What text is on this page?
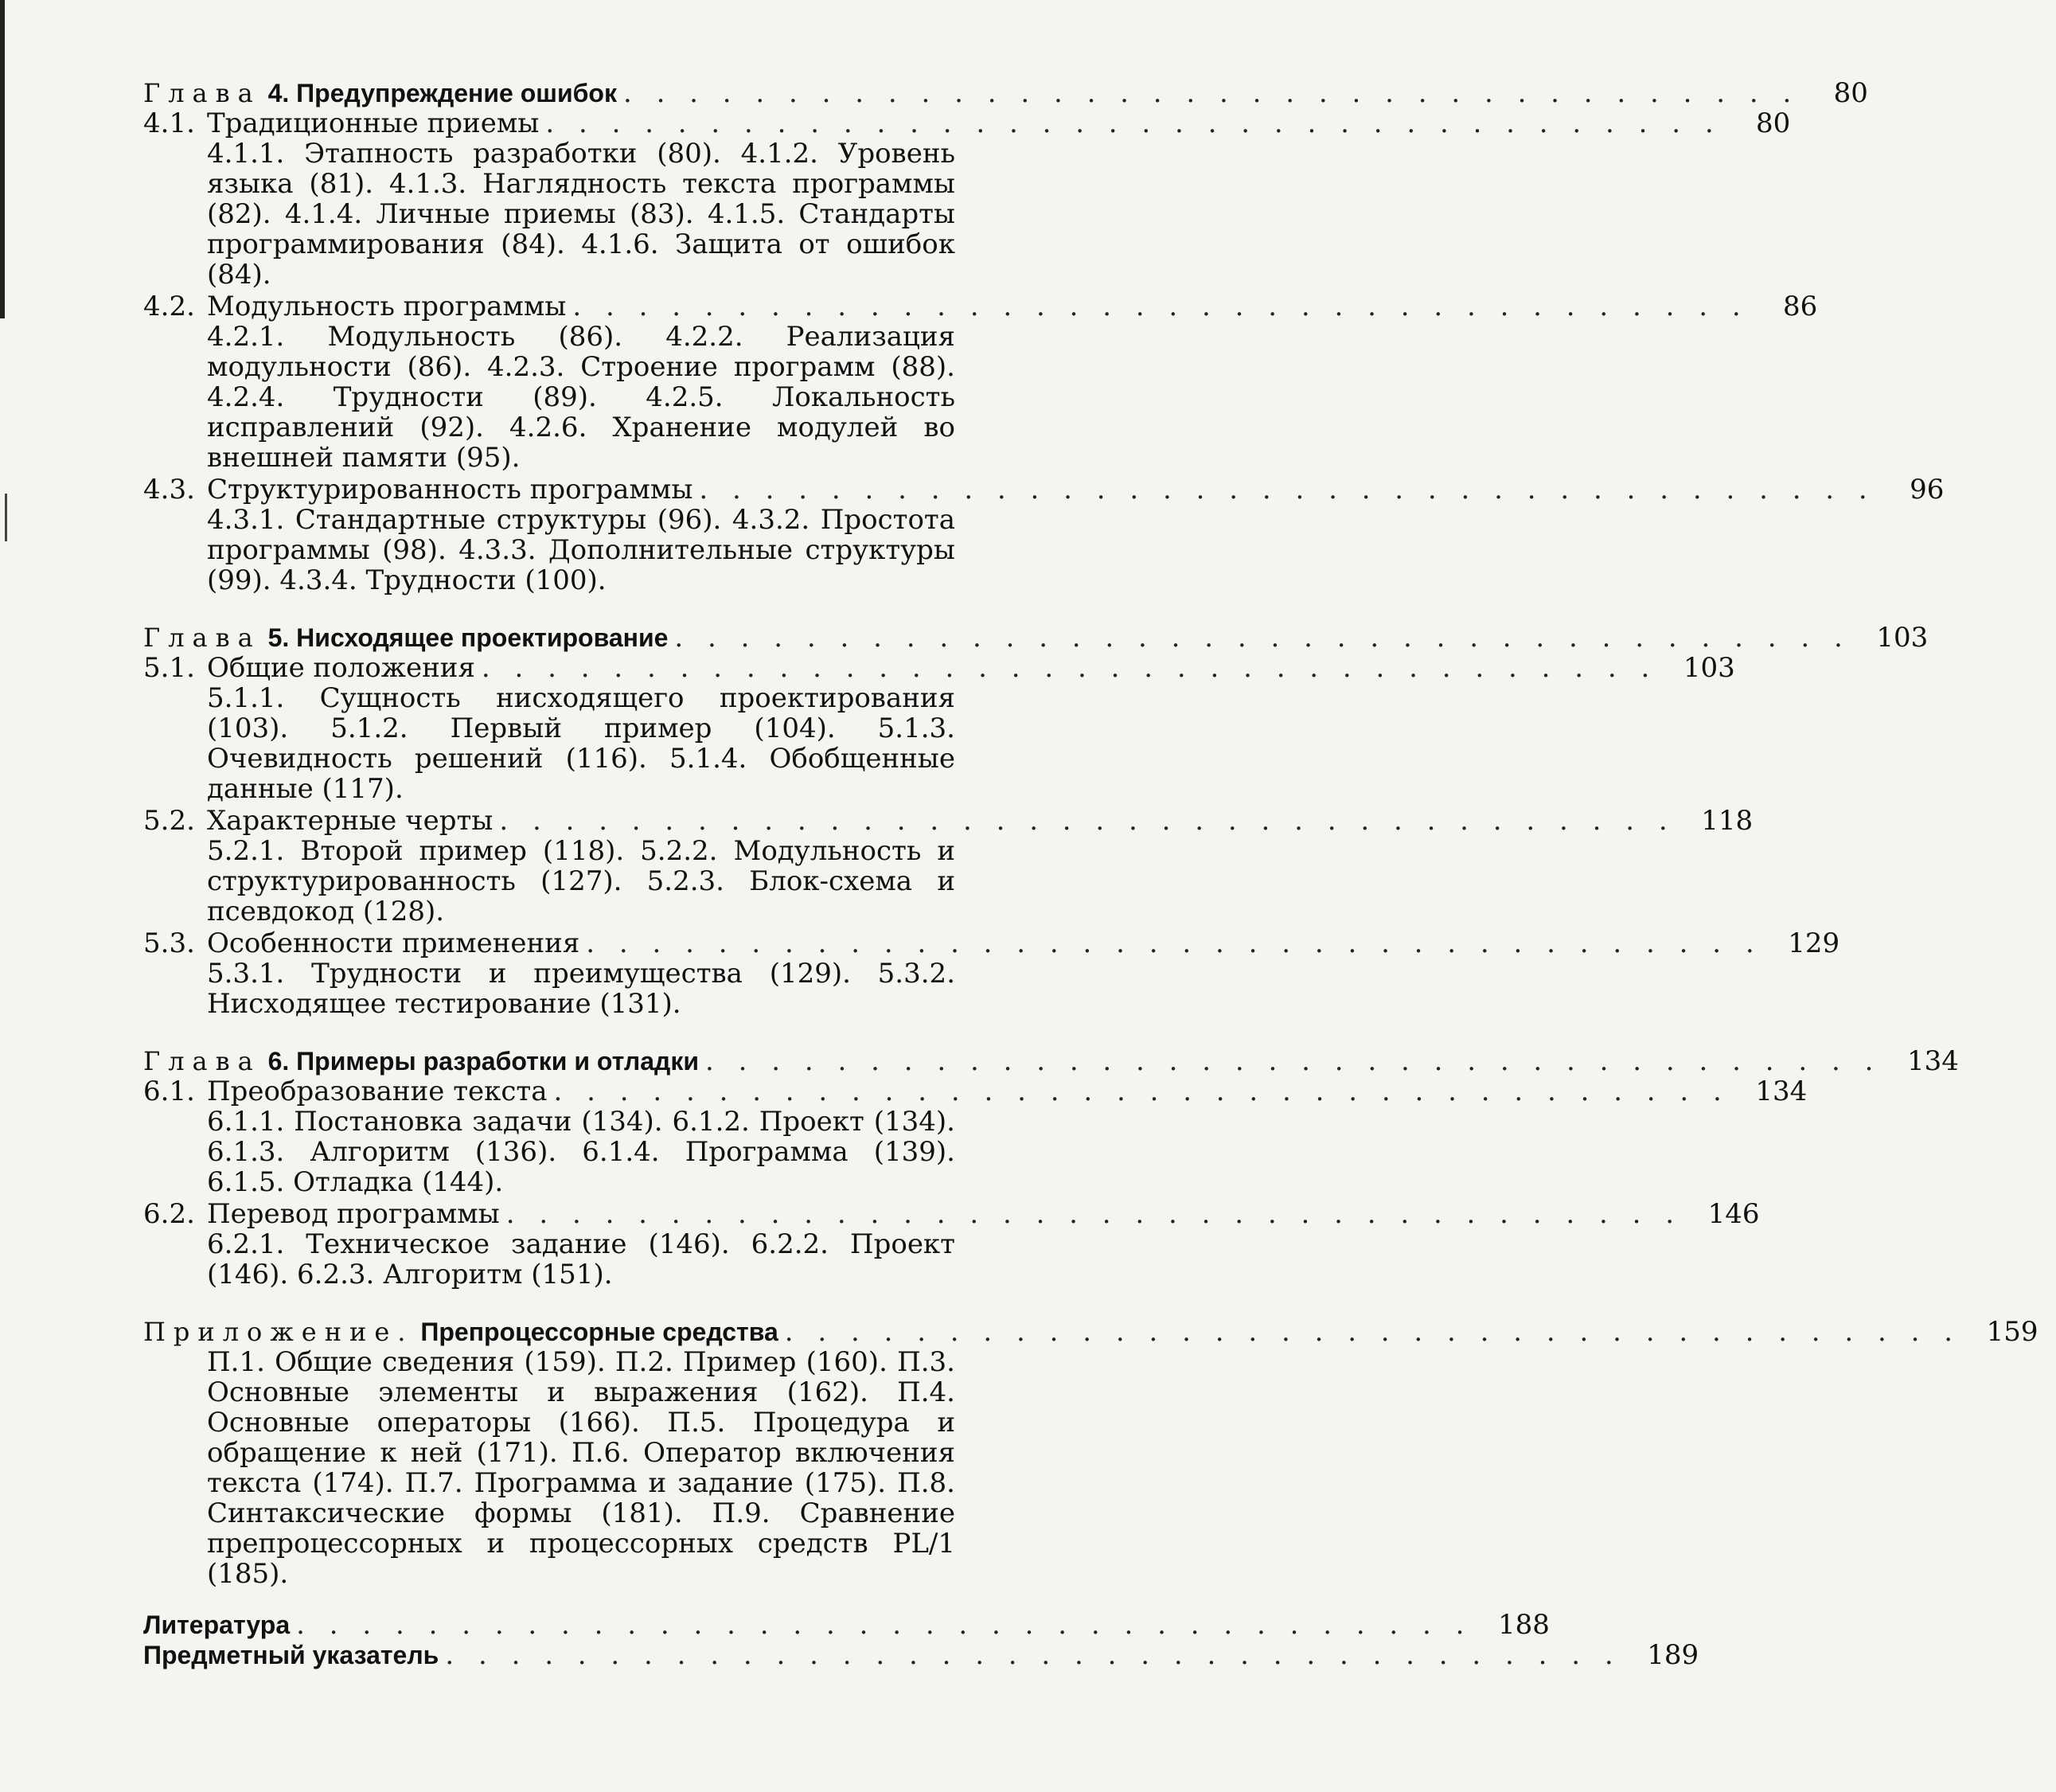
Глава 4. Предупреждение ошибок . . . . . . . . . . . . . . . . . . . . . . . . . . . . . . . . . . . .	80
4.1. Традиционные приемы . . . . . . . . . . . . . . . . . . . . . . . . . . . . . . . . . . . .	80
4.1.1. Этапность разработки (80). 4.1.2. Уровень языка (81). 4.1.3. Наглядность текста программы (82). 4.1.4. Личные приемы (83). 4.1.5. Стандарты программирования (84). 4.1.6. Защита от ошибок (84).
4.2. Модульность программы . . . . . . . . . . . . . . . . . . . . . . . . . . . . . . . . . . . .	86
4.2.1. Модульность (86). 4.2.2. Реализация модульности (86). 4.2.3. Строение программ (88). 4.2.4. Трудности (89). 4.2.5. Локальность исправлений (92). 4.2.6. Хранение модулей во внешней памяти (95).
4.3. Структурированность программы . . . . . . . . . . . . . . . . . . . . . . . . . . . . . . . . . . . .	96
4.3.1. Стандартные структуры (96). 4.3.2. Простота программы (98). 4.3.3. Дополнительные структуры (99). 4.3.4. Трудности (100).
Глава 5. Нисходящее проектирование . . . . . . . . . . . . . . . . . . . . . . . . . . . . . . . . . . . . 103
5.1. Общие положения . . . . . . . . . . . . . . . . . . . . . . . . . . . . . . . . . . . . 103
5.1.1. Сущность нисходящего проектирования (103). 5.1.2. Первый пример (104). 5.1.3. Очевидность решений (116). 5.1.4. Обобщенные данные (117).
5.2. Характерные черты . . . . . . . . . . . . . . . . . . . . . . . . . . . . . . . . . . . . 118
5.2.1. Второй пример (118). 5.2.2. Модульность и структурированность (127). 5.2.3. Блок-схема и псевдокод (128).
5.3. Особенности применения . . . . . . . . . . . . . . . . . . . . . . . . . . . . . . . . . . . . 129
5.3.1. Трудности и преимущества (129). 5.3.2. Нисходящее тестирование (131).
Глава 6. Примеры разработки и отладки . . . . . . . . . . . . . . . . . . . . . . . . . . . . . . . . . . . . 134
6.1. Преобразование текста . . . . . . . . . . . . . . . . . . . . . . . . . . . . . . . . . . . . 134
6.1.1. Постановка задачи (134). 6.1.2. Проект (134). 6.1.3. Алгоритм (136). 6.1.4. Программа (139). 6.1.5. Отладка (144).
6.2. Перевод программы . . . . . . . . . . . . . . . . . . . . . . . . . . . . . . . . . . . . 146
6.2.1. Техническое задание (146). 6.2.2. Проект (146). 6.2.3. Алгоритм (151).
Приложение. Препроцессорные средства . . . . . . . . . . . . . . . . . . . . . . . . . . . . . . . . . . . . 159
П.1. Общие сведения (159). П.2. Пример (160). П.3. Основные элементы и выражения (162). П.4. Основные операторы (166). П.5. Процедура и обращение к ней (171). П.6. Оператор включения текста (174). П.7. Программа и задание (175). П.8. Синтаксические формы (181). П.9. Сравнение препроцессорных и процессорных средств PL/1 (185).
Литература . . . . . . . . . . . . . . . . . . . . . . . . . . . . . . . . . . . . 188
Предметный указатель . . . . . . . . . . . . . . . . . . . . . . . . . . . . . . . . . . . . 189
